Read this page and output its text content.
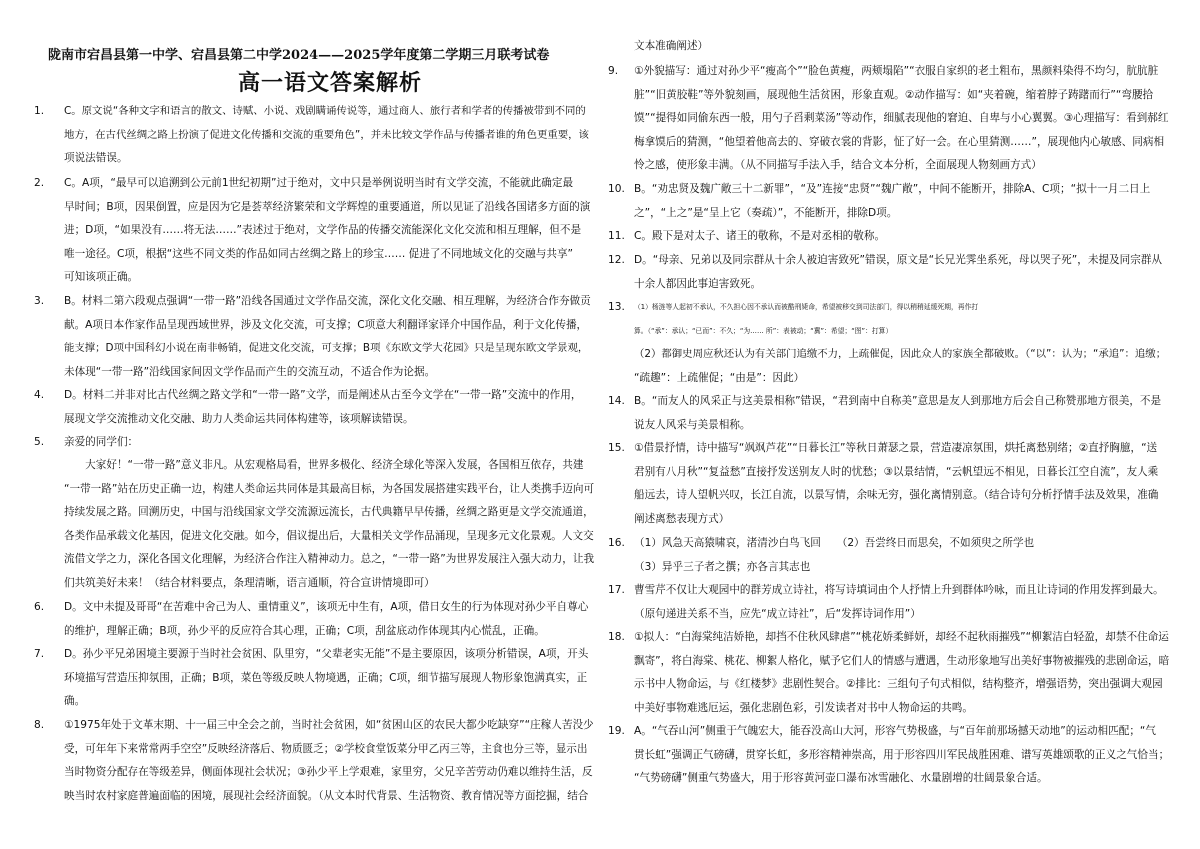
陇南市宕昌县第一中学、宕昌县第二中学2024——2025学年度第二学期三月联考试卷
高一语文答案解析
1.	C。原文说“各种文字和语言的散文、诗赋、小说、戏剧瞒诵传说等，通过商人、旅行者和学者的传播被带到不同的
地方，在古代丝绸之路上扮演了促进文化传播和交流的重要角色”，并未比较文学作品与传播者谁的角色更重要，该
项说法错误。
2.	C。A项，“最早可以追溯到公元前1世纪初期”过于绝对，文中只是举例说明当时有文学交流，不能就此确定最
早时间；B项，因果倒置，应是因为它是荟萃经济繁荣和文学辉煌的重要通道，所以见证了沿线各国诸多方面的演
进；D项，“如果没有……将无法……”表述过于绝对，文学作品的传播交流能深化文化交流和相互理解，但不是
唯一途径。C项，根据“这些不同文类的作品如同古丝绸之路上的珍宝…… 促进了不同地域文化的交融与共享”
可知该项正确。
3.	B。材料二第六段观点强调“一带一路”沿线各国通过文学作品交流，深化文化交融、相互理解，为经济合作夯做贡
献。A项日本作家作品呈现西域世界，涉及文化交流，可支撑；C项意大利翻译家译介中国作品，利于文化传播，
能支撑；D项中国科幻小说在南非畅销，促进文化交流，可支撑；B项《东欧文学大花园》只是呈现东欧文学景观，
未体现“一带一路”沿线国家间因文学作品而产生的交流互动，不适合作为论据。
4.	D。材料二并非对比古代丝绸之路文学和“一带一路”文学，而是阐述从古至今文学在“一带一路”交流中的作用，
展现文学交流推动文化交融、助力人类命运共同体构建等，该项解读错误。
5.	亲爱的同学们：
　　大家好！“一带一路”意义非凡。从宏观格局看，世界多极化、经济全球化等深入发展，各国相互依存，共建
“一带一路”站在历史正确一边，构建人类命运共同体是其最高目标，为各国发展搭建实践平台，让人类携手迈向可
持续发展之路。回溯历史，中国与沿线国家文学交流源远流长，古代典籍早早传播，丝绸之路更是文学交流通道，
各类作品承载文化基因，促进文化交融。如今，倡议提出后，大量相关文学作品涌现，呈现多元文化景观。人文交
流借文学之力，深化各国文化理解，为经济合作注入精神动力。总之，“一带一路”为世界发展注入强大动力，让我
们共筑美好未来！（结合材料要点，条理清晰，语言通顺，符合宣讲情境即可）
6.	D。文中未提及哥哥“在苦难中舍己为人、重情重义”，该项无中生有，A项，借日女生的行为体现对孙少平自尊心
的维护，理解正确；B项，孙少平的反应符合其心理，正确；C项，刮盆底动作体现其内心慌乱，正确。
7.	D。孙少平兄弟困境主要源于当时社会贫困、队里穷，“父辈老实无能”不是主要原因，该项分析错误，A项，开头
环境描写营造压抑氛围，正确；B项，菜色等级反映人物境遇，正确；C项，细节描写展现人物形象饱满真实，正
确。
8.	①1975年处于文革末期、十一届三中全会之前，当时社会贫困，如“贫困山区的农民大都少吃缺穿”“庄稼人苦没少
受，可年年下来常常两手空空”反映经济落后、物质匮乏；②学校食堂饭菜分甲乙丙三等，主食也分三等，显示出
当时物资分配存在等级差异，侧面体现社会状况；③孙少平上学艰难，家里穷，父兄辛苦劳动仍难以维持生活，反
映当时农村家庭普遍面临的困境，展现社会经济面貌。（从文本时代背景、生活物资、教育情况等方面挖掘，结合
文本准确阐述）
9.	①外貌描写：通过对孙少平“瘦高个”“脸色黄瘦，两颊塌陷”“衣服自家织的老土粗布，黑颜料染得不均匀，肮肮脏
脏”“旧黄胶鞋”等外貌刻画，展现他生活贫困，形象直观。②动作描写：如“夹着碗，缩着脖子踌躇而行”“弯腰拾
馍”“提得如同偷东西一般，用勺子舀剩菜汤”等动作，细腻表现他的窘迫、自卑与小心翼翼。③心理描写：看到郝红
梅拿馍后的猜测，“他望着他高去的、穿破衣裳的背影，怔了好一会。在心里猜测……”，展现他内心敏感、同病相
怜之感，使形象丰满。（从不同描写手法入手，结合文本分析，全面展现人物刻画方式）
10. B。“劝忠贤及魏广敞三十二新罪”，“及”连接“忠贤”“魏广敞”，中间不能断开，排除A、C项；“拟十一月二日上
之”，“上之”是“呈上它（奏疏）”，不能断开，排除D项。
11. C。殿下是对太子、诸王的敬称，不是对丞相的敬称。
12. D。“母亲、兄弟以及同宗群从十余人被迫害致死”错误，原文是“长兄光霁坐系死，母以哭子死”，未提及同宗群从
十余人都因此事迫害致死。
13.	（1）杨涟等人起初不承认，不久担心因不承认而被酷刑毙命，希望被移交到司法部门，得以稍稍延缓死期，再作打
算。（“承”：承认；“已而”：不久；“为…… 所”：表被动；“冀”：希望；“图”：打算）
（2）都御史周应秋还认为有关部门追缴不力，上疏催促，因此众人的家族全都破败。（“以”：认为；“承追”：追缴；
“疏趣”：上疏催促；“由是”：因此）
14. B。“而友人的风采正与这美景相称”错误，“君到南中自称美”意思是友人到那地方后会自己称赞那地方很美，不是
说友人风采与美景相称。
15. ①借景抒情，诗中描写“飒飒芦花”“日暮长江”等秋日萧瑟之景，营造凄凉氛围，烘托离愁别绪；②直抒胸臆，“送
君别有八月秋”“复益愁”直接抒发送别友人时的忧愁；③以景结情，“云帆望远不相见，日暮长江空自流”，友人乘
船远去，诗人望帆兴叹，长江自流，以景写情，余味无穷，强化离情别意。（结合诗句分析抒情手法及效果，准确
阐述离愁表现方式）
16. （1）风急天高猿啸哀，渚清沙白鸟飞回　　（2）吾尝终日而思矣，不如须臾之所学也
（3）异乎三子者之撰；亦各言其志也
17. 曹雪芹不仅让大观园中的群芳成立诗社，将写诗填词由个人抒情上升到群体吟咏，而且让诗词的作用发挥到最大。
（原句递进关系不当，应先“成立诗社”，后“发挥诗词作用”）
18. ①拟人：“白海棠纯洁娇艳，却挡不住秋风肆虐”“桃花娇柔鲜妍，却经不起秋雨摧残”“柳絮洁白轻盈，却禁不住命运
飘寄”，将白海棠、桃花、柳絮人格化，赋予它们人的情感与遭遇，生动形象地写出美好事物被摧残的悲剧命运，暗
示书中人物命运，与《红楼梦》悲剧性契合。②排比：三组句子句式相似，结构整齐，增强语势，突出强调大观园
中美好事物难逃厄运，强化悲剧色彩，引发读者对书中人物命运的共鸣。
19. A。“气吞山河”侧重于气魄宏大，能吞没高山大河，形容气势极盛，与“百年前那场撼天动地”的运动相匹配；“气
贯长虹”强调正气磅礴，贯穿长虹，多形容精神崇高，用于形容四川军民战胜困难、谱写英雄颂歌的正义之气恰当；
“气势磅礴”侧重气势盛大，用于形容黄河壶口瀑布冰雪融化、水量剧增的壮阔景象合适。
